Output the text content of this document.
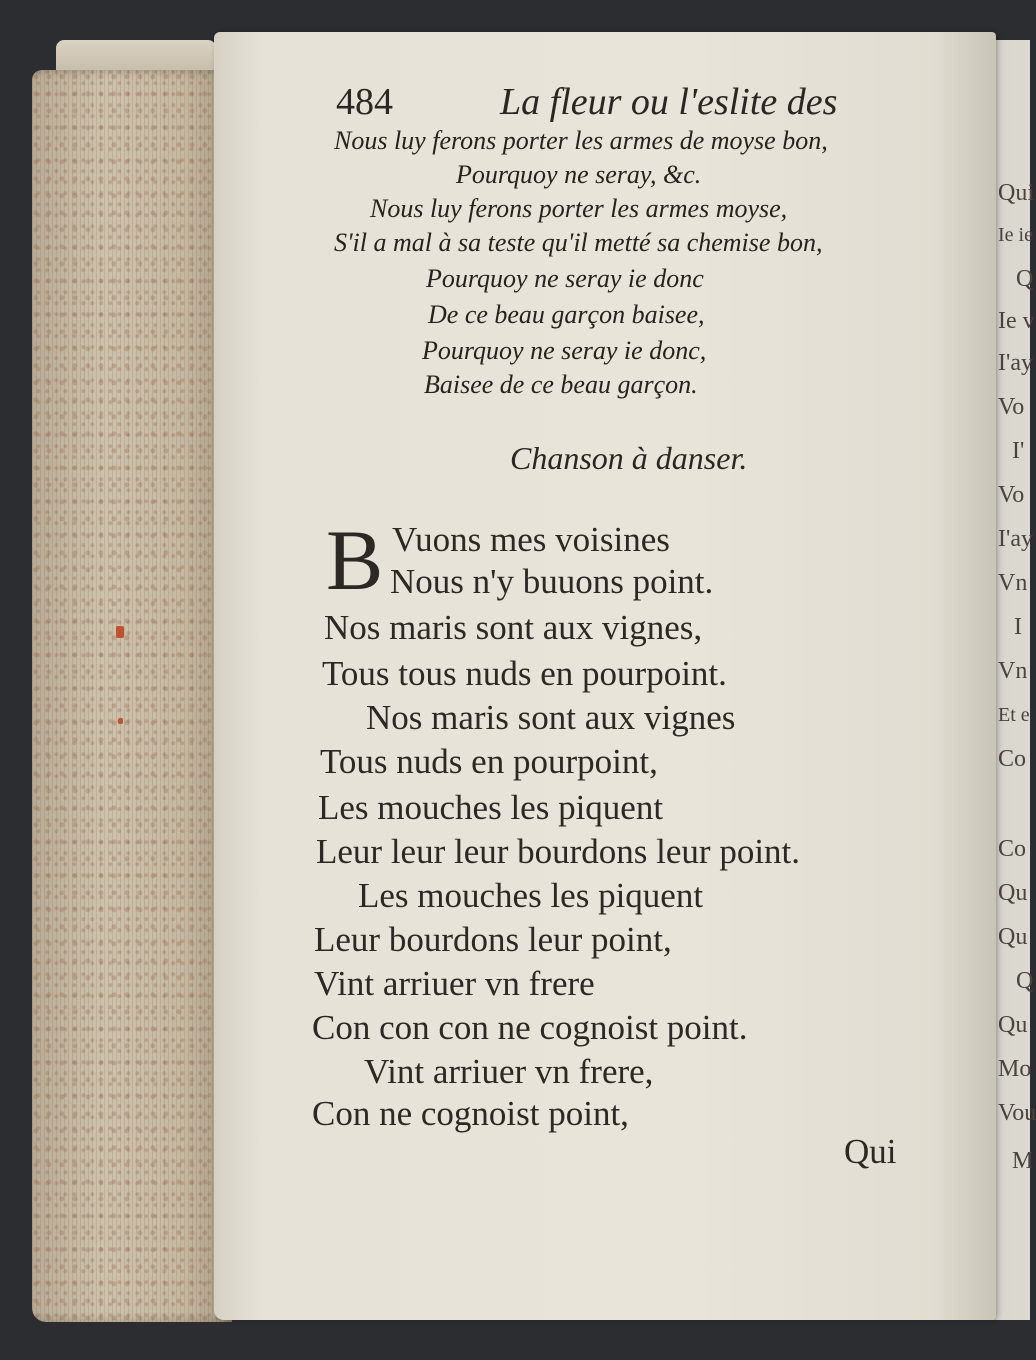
Qui
Ie ie
Q
Ie v
I'ay
Vo
I'
Vo
I'ay
Vn
I
Vn
Et e
Co
Co
Qu
Qu
Q
Qu
Mo
Vou
M
484	La fleur ou l'eslite des
Nous luy ferons porter les armes de moyse bon,
Pourquoy ne seray, &c.
Nous luy ferons porter les armes moyse,
S'il a mal à sa teste qu'il metté sa chemise bon,
Pourquoy ne seray ie donc
De ce beau garçon baisee,
Pourquoy ne seray ie donc,
Baisee de ce beau garçon.
Chanson à danser.
B Vuons mes voisines
Nous n'y buuons point.
Nos maris sont aux vignes,
Tous tous nuds en pourpoint.
Nos maris sont aux vignes
Tous nuds en pourpoint,
Les mouches les piquent
Leur leur leur bourdons leur point.
Les mouches les piquent
Leur bourdons leur point,
Vint arriuer vn frere
Con con con ne cognoist point.
Vint arriuer vn frere,
Con ne cognoist point,
Qui
